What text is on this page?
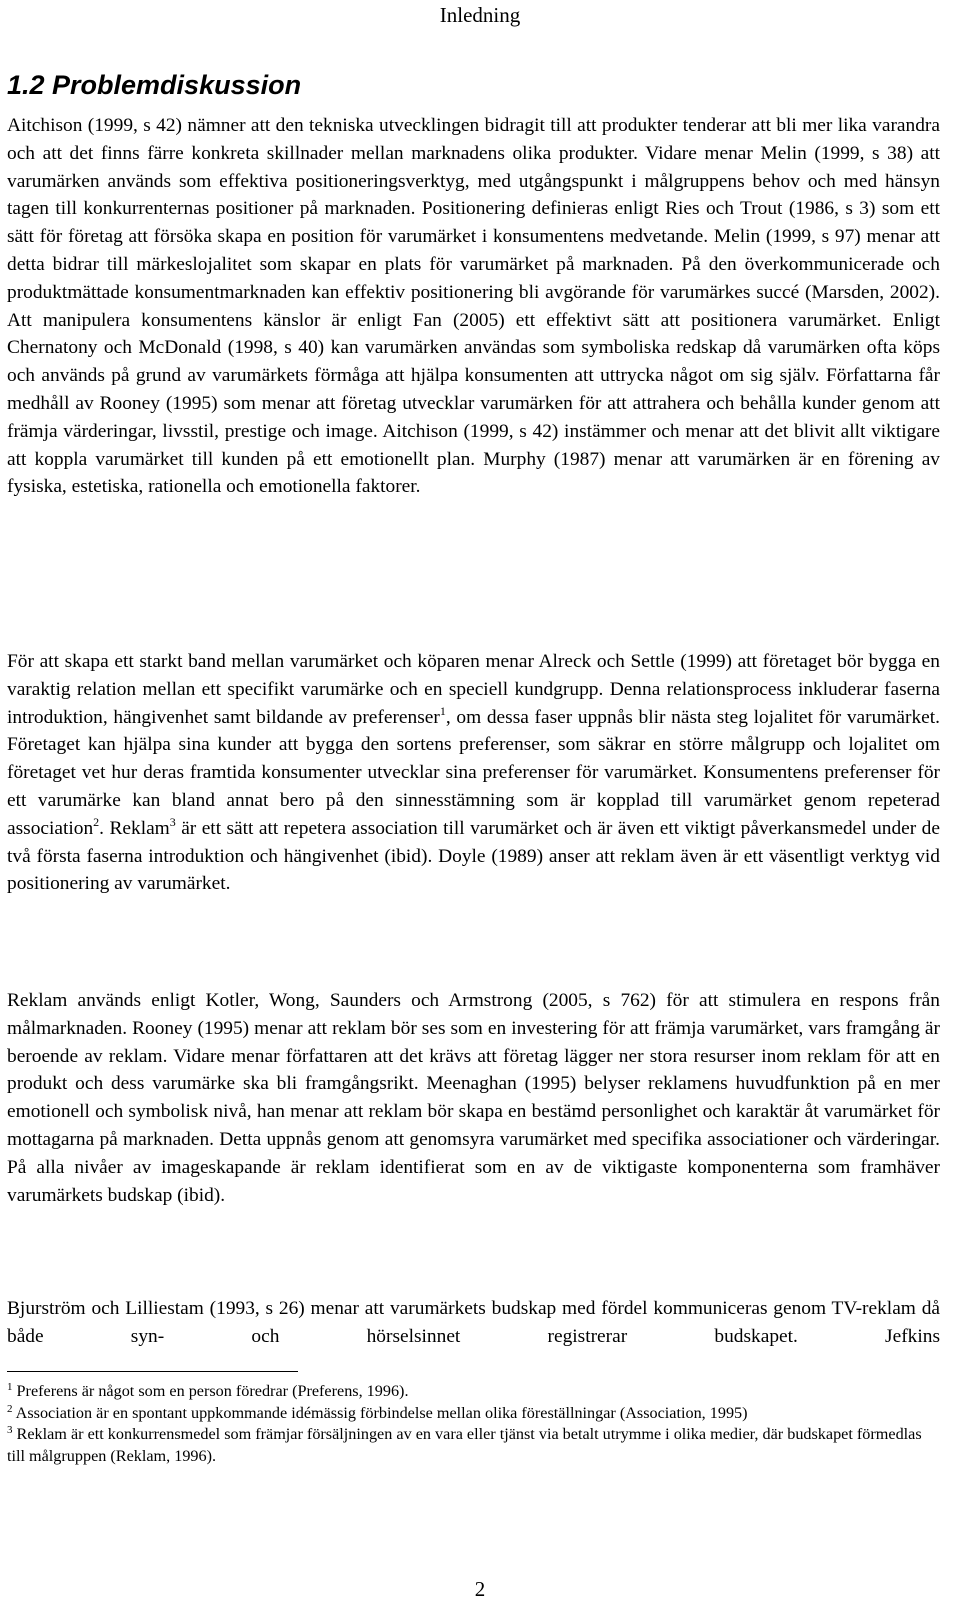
Inledning
1.2 Problemdiskussion

Aitchison (1999, s 42) nämner att den tekniska utvecklingen bidragit till att produkter tenderar att bli mer lika varandra och att det finns färre konkreta skillnader mellan marknadens olika produkter. Vidare menar Melin (1999, s 38) att varumärken används som effektiva positioneringsverktyg, med utgångspunkt i målgruppens behov och med hänsyn tagen till konkurrenternas positioner på marknaden. Positionering definieras enligt Ries och Trout (1986, s 3) som ett sätt för företag att försöka skapa en position för varumärket i konsumentens medvetande. Melin (1999, s 97) menar att detta bidrar till märkeslojalitet som skapar en plats för varumärket på marknaden. På den överkommunicerade och produktmättade konsumentmarknaden kan effektiv positionering bli avgörande för varumärkes succé (Marsden, 2002). Att manipulera konsumentens känslor är enligt Fan (2005) ett effektivt sätt att positionera varumärket. Enligt Chernatony och McDonald (1998, s 40) kan varumärken användas som symboliska redskap då varumärken ofta köps och används på grund av varumärkets förmåga att hjälpa konsumenten att uttrycka något om sig själv. Författarna får medhåll av Rooney (1995) som menar att företag utvecklar varumärken för att attrahera och behålla kunder genom att främja värderingar, livsstil, prestige och image. Aitchison (1999, s 42) instämmer och menar att det blivit allt viktigare att koppla varumärket till kunden på ett emotionellt plan. Murphy (1987) menar att varumärken är en förening av fysiska, estetiska, rationella och emotionella faktorer.

För att skapa ett starkt band mellan varumärket och köparen menar Alreck och Settle (1999) att företaget bör bygga en varaktig relation mellan ett specifikt varumärke och en speciell kundgrupp. Denna relationsprocess inkluderar faserna introduktion, hängivenhet samt bildande av preferenser$^1$, om dessa faser uppnås blir nästa steg lojalitet för varumärket. Företaget kan hjälpa sina kunder att bygga den sortens preferenser, som säkrar en större målgrupp och lojalitet om företaget vet hur deras framtida konsumenter utvecklar sina preferenser för varumärket. Konsumentens preferenser för ett varumärke kan bland annat bero på den sinnesstämning som är kopplad till varumärket genom repeterad association$^2$. Reklam$^3$ är ett sätt att repetera association till varumärket och är även ett viktigt påverkansmedel under de två första faserna introduktion och hängivenhet (ibid). Doyle (1989) anser att reklam även är ett väsentligt verktyg vid positionering av varumärket.

Reklam används enligt Kotler, Wong, Saunders och Armstrong (2005, s 762) för att stimulera en respons från målmarknaden. Rooney (1995) menar att reklam bör ses som en investering för att främja varumärket, vars framgång är beroende av reklam. Vidare menar författaren att det krävs att företag lägger ner stora resurser inom reklam för att en produkt och dess varumärke ska bli framgångsrikt. Meenaghan (1995) belyser reklamens huvudfunktion på en mer emotionell och symbolisk nivå, han menar att reklam bör skapa en bestämd personlighet och karaktär åt varumärket för mottagarna på marknaden. Detta uppnås genom att genomsyra varumärket med specifika associationer och värderingar. På alla nivåer av imageskapande är reklam identifierat som en av de viktigaste komponenterna som framhäver varumärkets budskap (ibid).

Bjurström och Lilliestam (1993, s 26) menar att varumärkets budskap med fördel kommuniceras genom TV-reklam då både syn- och hörselsinnet registrerar budskapet. Jefkins

$^1$ Preferens är något som en person föredrar (Preferens, 1996).

$^2$ Association är en spontant uppkommande idémässig förbindelse mellan olika föreställningar (Association, 1995)

$^3$ Reklam är ett konkurrensmedel som främjar försäljningen av en vara eller tjänst via betalt utrymme i olika medier, där budskapet förmedlas till målgruppen (Reklam, 1996).

2
